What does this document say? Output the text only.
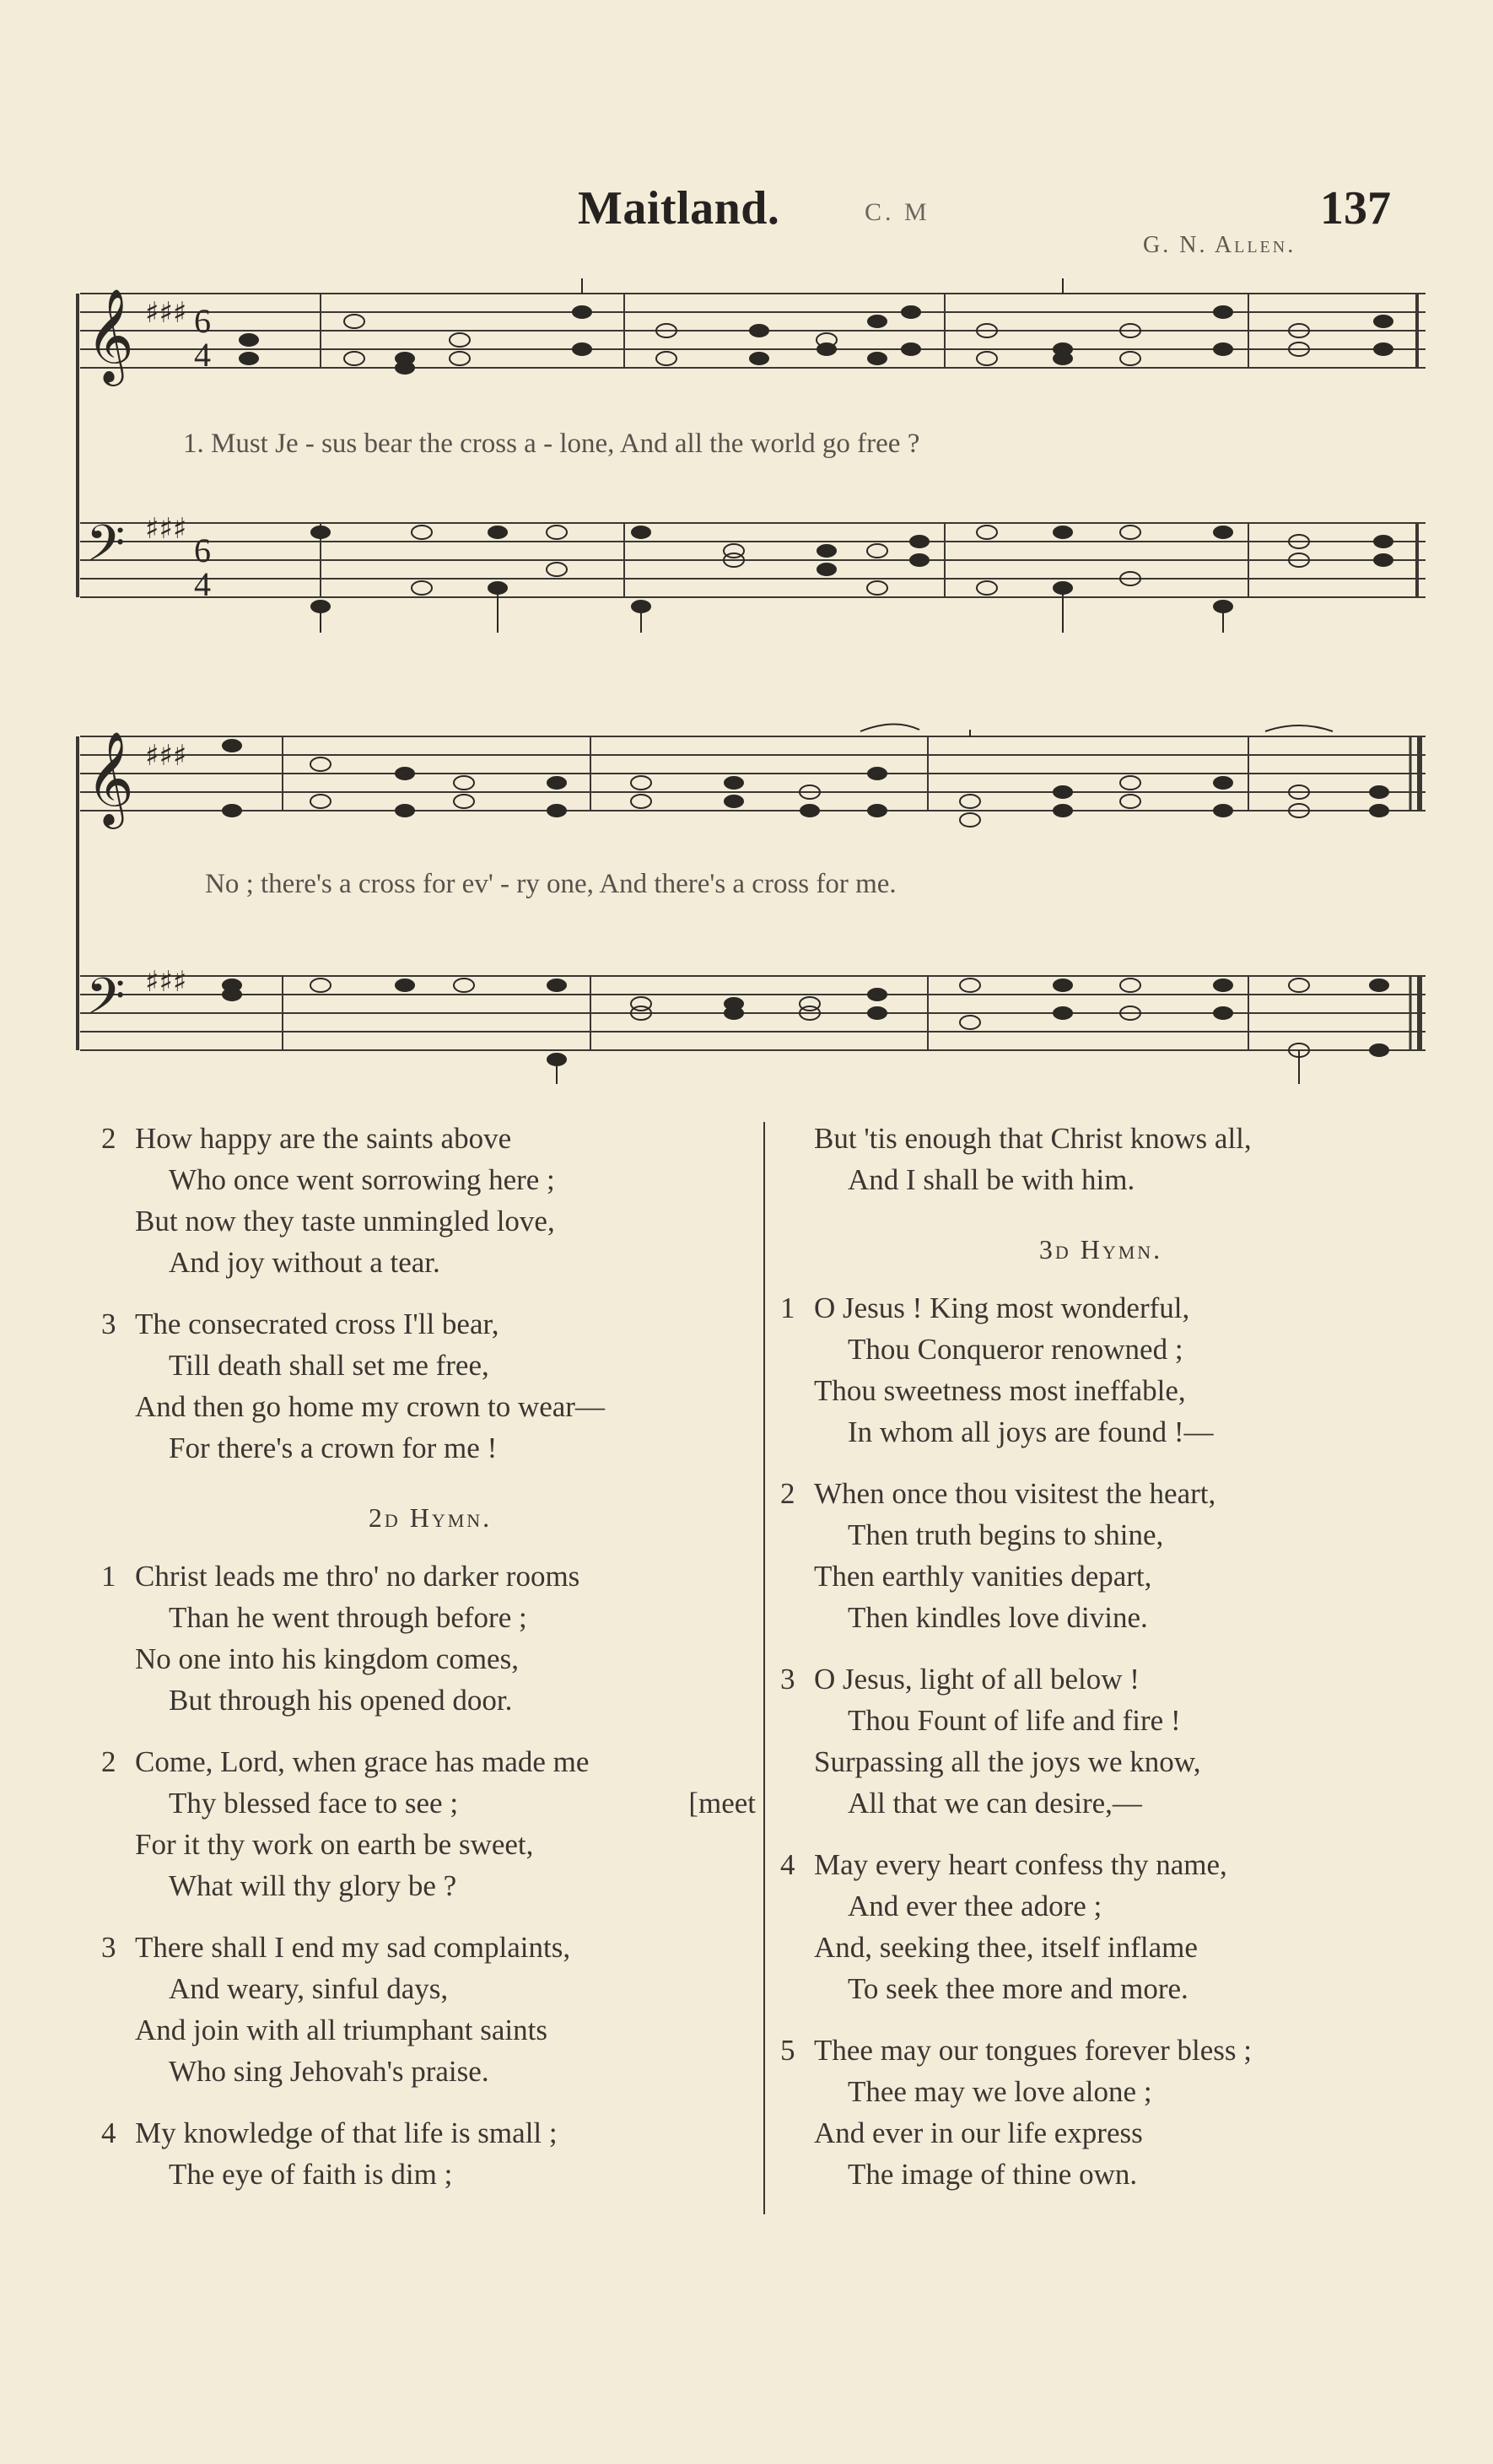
Maitland.	C. M	137
G. N. Allen.
𝄞
𝄢
♯♯♯
♯♯♯
6
4
6
4
1. Must Je - sus bear the cross a - lone, And all the world go free ?
𝄞
𝄢
♯♯♯
♯♯♯
No ; there's a cross for ev' - ry one, And there's a cross for me.
2 How happy are the saints above
Who once went sorrowing here ;
But now they taste unmingled love,
And joy without a tear.
3 The consecrated cross I'll bear,
Till death shall set me free,
And then go home my crown to wear—
For there's a crown for me !
2d Hymn.
1 Christ leads me thro' no darker rooms
Than he went through before ;
No one into his kingdom comes,
But through his opened door.
2 Come, Lord, when grace has made me
[meet
Thy blessed face to see ;
For it thy work on earth be sweet,
What will thy glory be ?
3 There shall I end my sad complaints,
And weary, sinful days,
And join with all triumphant saints
Who sing Jehovah's praise.
4 My knowledge of that life is small ;
The eye of faith is dim ;
But 'tis enough that Christ knows all,
And I shall be with him.
3d Hymn.
1 O Jesus ! King most wonderful,
Thou Conqueror renowned ;
Thou sweetness most ineffable,
In whom all joys are found !—
2 When once thou visitest the heart,
Then truth begins to shine,
Then earthly vanities depart,
Then kindles love divine.
3 O Jesus, light of all below !
Thou Fount of life and fire !
Surpassing all the joys we know,
All that we can desire,—
4 May every heart confess thy name,
And ever thee adore ;
And, seeking thee, itself inflame
To seek thee more and more.
5 Thee may our tongues forever bless ;
Thee may we love alone ;
And ever in our life express
The image of thine own.
